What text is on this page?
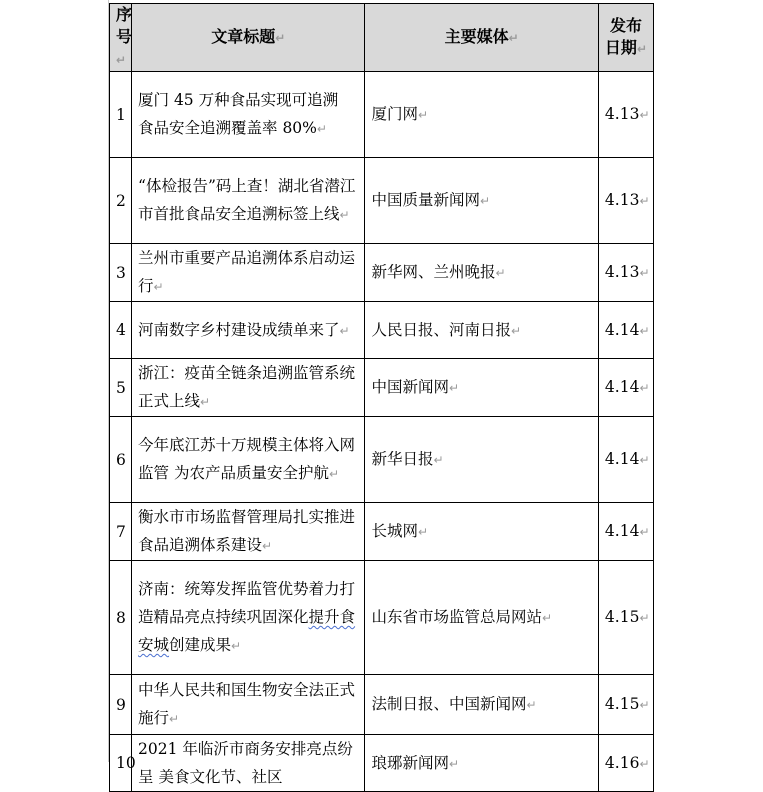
序号↵	文章标题↵	主要媒体↵	发布日期↵
1	厦门 45 万种食品实现可追溯 食品安全追溯覆盖率 80%↵	厦门网↵	4.13↵
2	“体检报告”码上查！湖北省潜江市首批食品安全追溯标签上线↵	中国质量新闻网↵	4.13↵
3	兰州市重要产品追溯体系启动运行↵	新华网、兰州晚报↵	4.13↵
4	河南数字乡村建设成绩单来了↵	人民日报、河南日报↵	4.14↵
5	浙江：疫苗全链条追溯监管系统正式上线↵	中国新闻网↵	4.14↵
6	今年底江苏十万规模主体将入网监管 为农产品质量安全护航↵	新华日报↵	4.14↵
7	衡水市市场监督管理局扎实推进食品追溯体系建设↵	长城网↵	4.14↵
8	济南：统筹发挥监管优势着力打造精品亮点持续巩固深化提升食安城创建成果↵	山东省市场监管总局网站↵	4.15↵
9	中华人民共和国生物安全法正式施行↵	法制日报、中国新闻网↵	4.15↵
10	2021 年临沂市商务安排亮点纷呈 美食文化节、社区	琅琊新闻网↵	4.16↵
